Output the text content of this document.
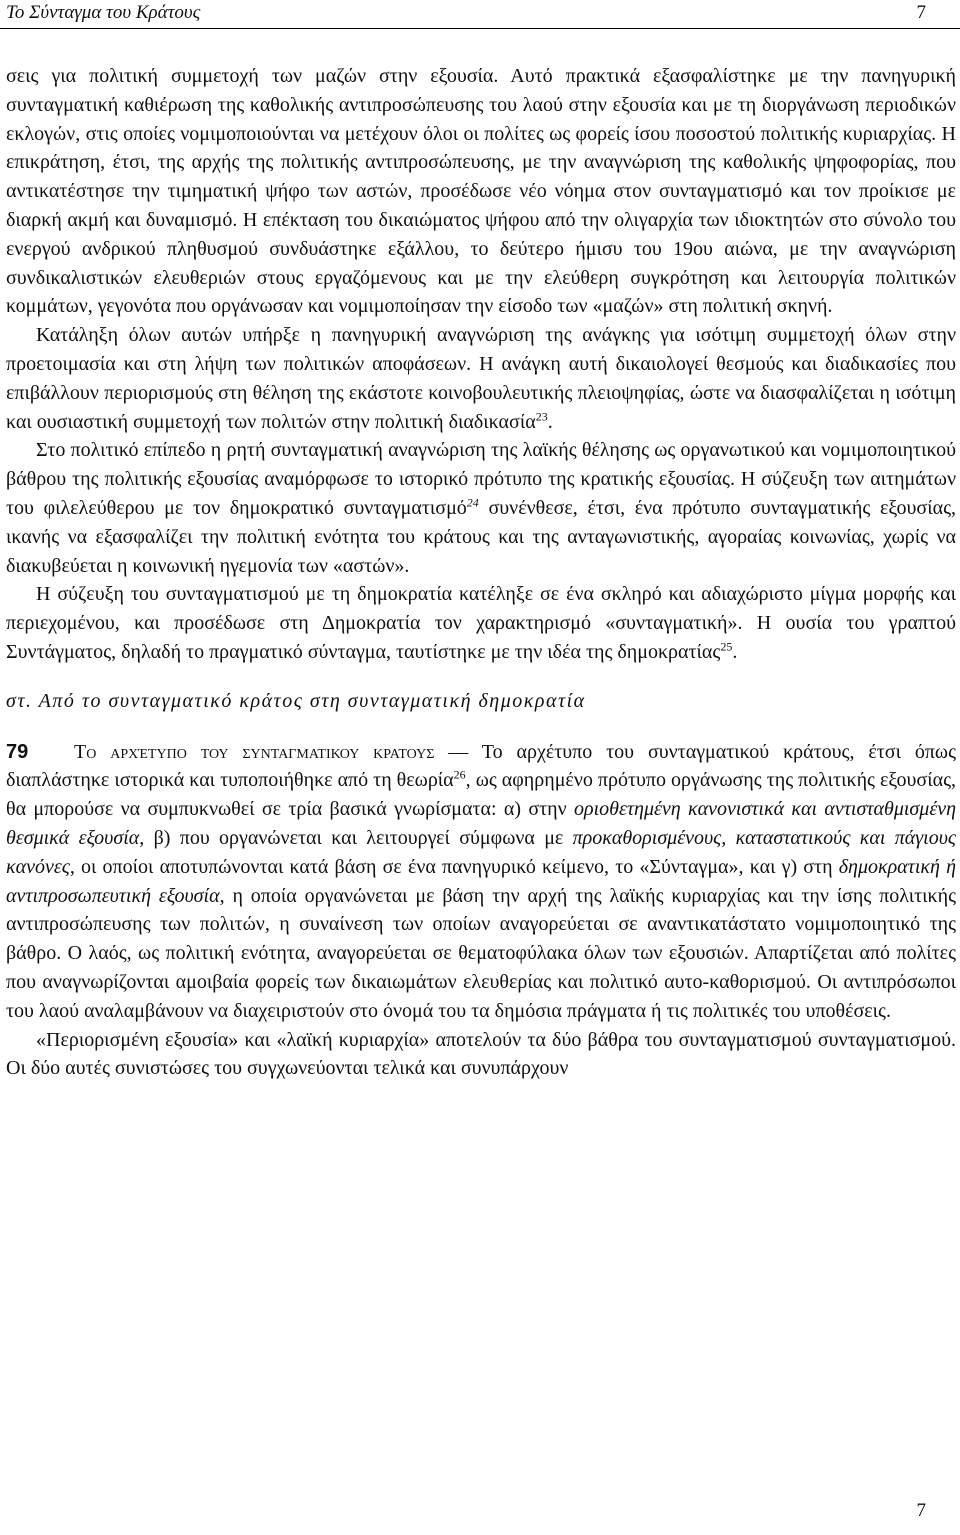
Το Σύνταγμα του Κράτους	7

σεις για πολιτική συμμετοχή των μαζών στην εξουσία. Αυτό πρακτικά εξασφαλίστηκε με την πανηγυρική συνταγματική καθιέρωση της καθολικής αντιπροσώπευσης του λαού στην εξουσία και με τη διοργάνωση περιοδικών εκλογών, στις οποίες νομιμοποιούνται να μετέχουν όλοι οι πολίτες ως φορείς ίσου ποσοστού πολιτικής κυριαρχίας. Η επικράτηση, έτσι, της αρχής της πολιτικής αντιπροσώπευσης, με την αναγνώριση της καθολικής ψηφοφορίας, που αντικατέστησε την τιμηματική ψήφο των αστών, προσέδωσε νέο νόημα στον συνταγματισμό και τον προίκισε με διαρκή ακμή και δυναμισμό. Η επέκταση του δικαιώματος ψήφου από την ολιγαρχία των ιδιοκτητών στο σύνολο του ενεργού ανδρικού πληθυσμού συνδυάστηκε εξάλλου, το δεύτερο ήμισυ του 19ου αιώνα, με την αναγνώριση συνδικαλιστικών ελευθεριών στους εργαζόμενους και με την ελεύθερη συγκρότηση και λειτουργία πολιτικών κομμάτων, γεγονότα που οργάνωσαν και νομιμοποίησαν την είσοδο των «μαζών» στη πολιτική σκηνή.

Κατάληξη όλων αυτών υπήρξε η πανηγυρική αναγνώριση της ανάγκης για ισότιμη συμμετοχή όλων στην προετοιμασία και στη λήψη των πολιτικών αποφάσεων. Η ανάγκη αυτή δικαιολογεί θεσμούς και διαδικασίες που επιβάλλουν περιορισμούς στη θέληση της εκάστοτε κοινοβουλευτικής πλειοψηφίας, ώστε να διασφαλίζεται η ισότιμη και ουσιαστική συμμετοχή των πολιτών στην πολιτική διαδικασία$^{23}$.

Στο πολιτικό επίπεδο η ρητή συνταγματική αναγνώριση της λαϊκής θέλησης ως οργανωτικού και νομιμοποιητικού βάθρου της πολιτικής εξουσίας αναμόρφωσε το ιστορικό πρότυπο της κρατικής εξουσίας. Η σύζευξη των αιτημάτων του φιλελεύθερου με τον δημοκρατικό συνταγματισμό$^{24}$ συνένθεσε, έτσι, ένα πρότυπο συνταγματικής εξουσίας, ικανής να εξασφαλίζει την πολιτική ενότητα του κράτους και της ανταγωνιστικής, αγοραίας κοινωνίας, χωρίς να διακυβεύεται η κοινωνική ηγεμονία των «αστών».

Η σύζευξη του συνταγματισμού με τη δημοκρατία κατέληξε σε ένα σκληρό και αδιαχώριστο μίγμα μορφής και περιεχομένου, και προσέδωσε στη Δημοκρατία τον χαρακτηρισμό «συνταγματική». Η ουσία του γραπτού Συντάγματος, δηλαδή το πραγματικό σύνταγμα, ταυτίστηκε με την ιδέα της δημοκρατίας$^{25}$.

στ. Από το συνταγματικό κράτος στη συνταγματική δημοκρατία

79	Το αρχέτυπο του συνταγματικου κρατουσ — Το αρχέτυπο του συνταγματικού κράτους, έτσι όπως διαπλάστηκε ιστορικά και τυποποιήθηκε από τη θεωρία$^{26}$, ως αφηρημένο πρότυπο οργάνωσης της πολιτικής εξουσίας, θα μπορούσε να συμπυκνωθεί σε τρία βασικά γνωρίσματα: α) στην οριοθετημένη κανονιστικά και αντισταθμισμένη θεσμικά εξουσία, β) που οργανώνεται και λειτουργεί σύμφωνα με προκαθορισμένους, καταστατικούς και πάγιους κανόνες, οι οποίοι αποτυπώνονται κατά βάση σε ένα πανηγυρικό κείμενο, το «Σύνταγμα», και γ) στη δημοκρατική ή αντιπροσωπευτική εξουσία, η οποία οργανώνεται με βάση την αρχή της λαϊκής κυριαρχίας και την ίσης πολιτικής αντιπροσώπευσης των πολιτών, η συναίνεση των οποίων αναγορεύεται σε αναντικατάστατο νομιμοποιητικό της βάθρο. Ο λαός, ως πολιτική ενότητα, αναγορεύεται σε θεματοφύλακα όλων των εξουσιών. Απαρτίζεται από πολίτες που αναγνωρίζονται αμοιβαία φορείς των δικαιωμάτων ελευθερίας και πολιτικό αυτο-καθορισμού. Οι αντιπρόσωποι του λαού αναλαμβάνουν να διαχειριστούν στο όνομά του τα δημόσια πράγματα ή τις πολιτικές του υποθέσεις.

«Περιορισμένη εξουσία» και «λαϊκή κυριαρχία» αποτελούν τα δύο βάθρα του συνταγματισμού συνταγματισμού. Οι δύο αυτές συνιστώσες του συγχωνεύονται τελικά και συνυπάρχουν

7
